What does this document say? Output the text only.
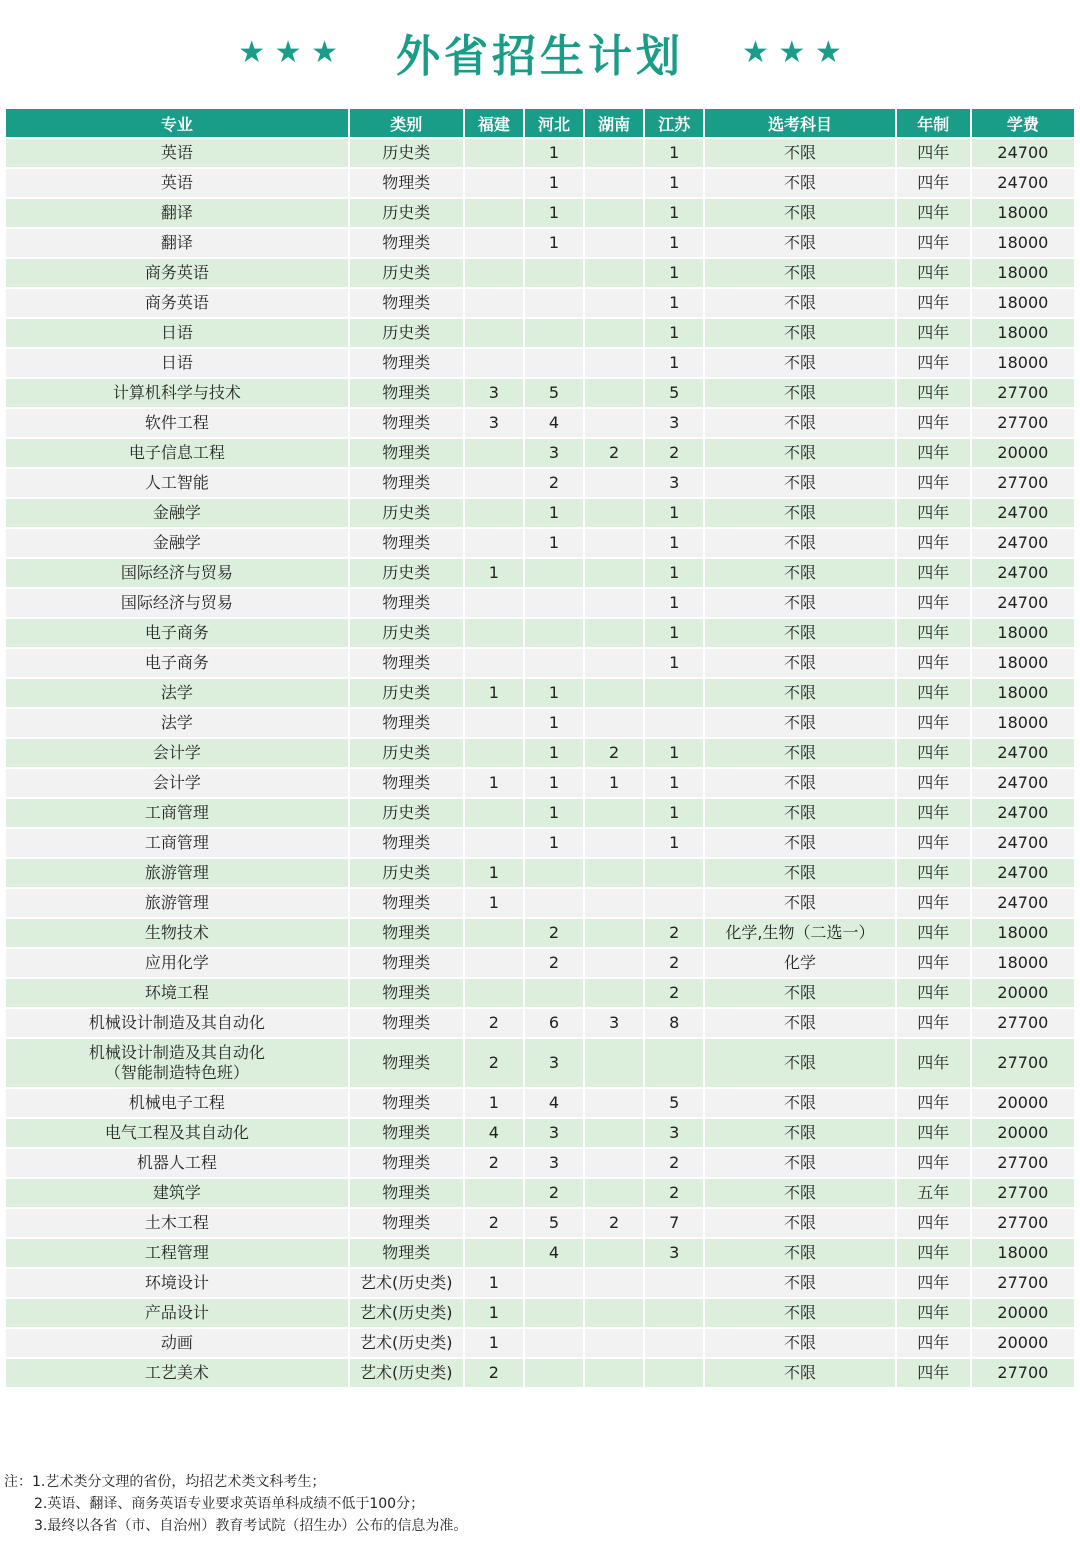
★ ★ ★ 外省招生计划 ★ ★ ★
专业	类别	福建	河北	湖南	江苏	选考科目	年制	学费
英语	历史类		1		1	不限	四年	24700
英语	物理类		1		1	不限	四年	24700
翻译	历史类		1		1	不限	四年	18000
翻译	物理类		1		1	不限	四年	18000
商务英语	历史类				1	不限	四年	18000
商务英语	物理类				1	不限	四年	18000
日语	历史类				1	不限	四年	18000
日语	物理类				1	不限	四年	18000
计算机科学与技术	物理类	3	5		5	不限	四年	27700
软件工程	物理类	3	4		3	不限	四年	27700
电子信息工程	物理类		3	2	2	不限	四年	20000
人工智能	物理类		2		3	不限	四年	27700
金融学	历史类		1		1	不限	四年	24700
金融学	物理类		1		1	不限	四年	24700
国际经济与贸易	历史类	1			1	不限	四年	24700
国际经济与贸易	物理类				1	不限	四年	24700
电子商务	历史类				1	不限	四年	18000
电子商务	物理类				1	不限	四年	18000
法学	历史类	1	1			不限	四年	18000
法学	物理类		1			不限	四年	18000
会计学	历史类		1	2	1	不限	四年	24700
会计学	物理类	1	1	1	1	不限	四年	24700
工商管理	历史类		1		1	不限	四年	24700
工商管理	物理类		1		1	不限	四年	24700
旅游管理	历史类	1				不限	四年	24700
旅游管理	物理类	1				不限	四年	24700
生物技术	物理类		2		2	化学,生物（二选一）	四年	18000
应用化学	物理类		2		2	化学	四年	18000
环境工程	物理类				2	不限	四年	20000
机械设计制造及其自动化	物理类	2	6	3	8	不限	四年	27700
机械设计制造及其自动化
（智能制造特色班）	物理类	2	3			不限	四年	27700
机械电子工程	物理类	1	4		5	不限	四年	20000
电气工程及其自动化	物理类	4	3		3	不限	四年	20000
机器人工程	物理类	2	3		2	不限	四年	27700
建筑学	物理类		2		2	不限	五年	27700
土木工程	物理类	2	5	2	7	不限	四年	27700
工程管理	物理类		4		3	不限	四年	18000
环境设计	艺术(历史类)	1				不限	四年	27700
产品设计	艺术(历史类)	1				不限	四年	20000
动画	艺术(历史类)	1				不限	四年	20000
工艺美术	艺术(历史类)	2				不限	四年	27700
注：1.艺术类分文理的省份，均招艺术类文科考生；
2.英语、翻译、商务英语专业要求英语单科成绩不低于100分；
3.最终以各省（市、自治州）教育考试院（招生办）公布的信息为准。
